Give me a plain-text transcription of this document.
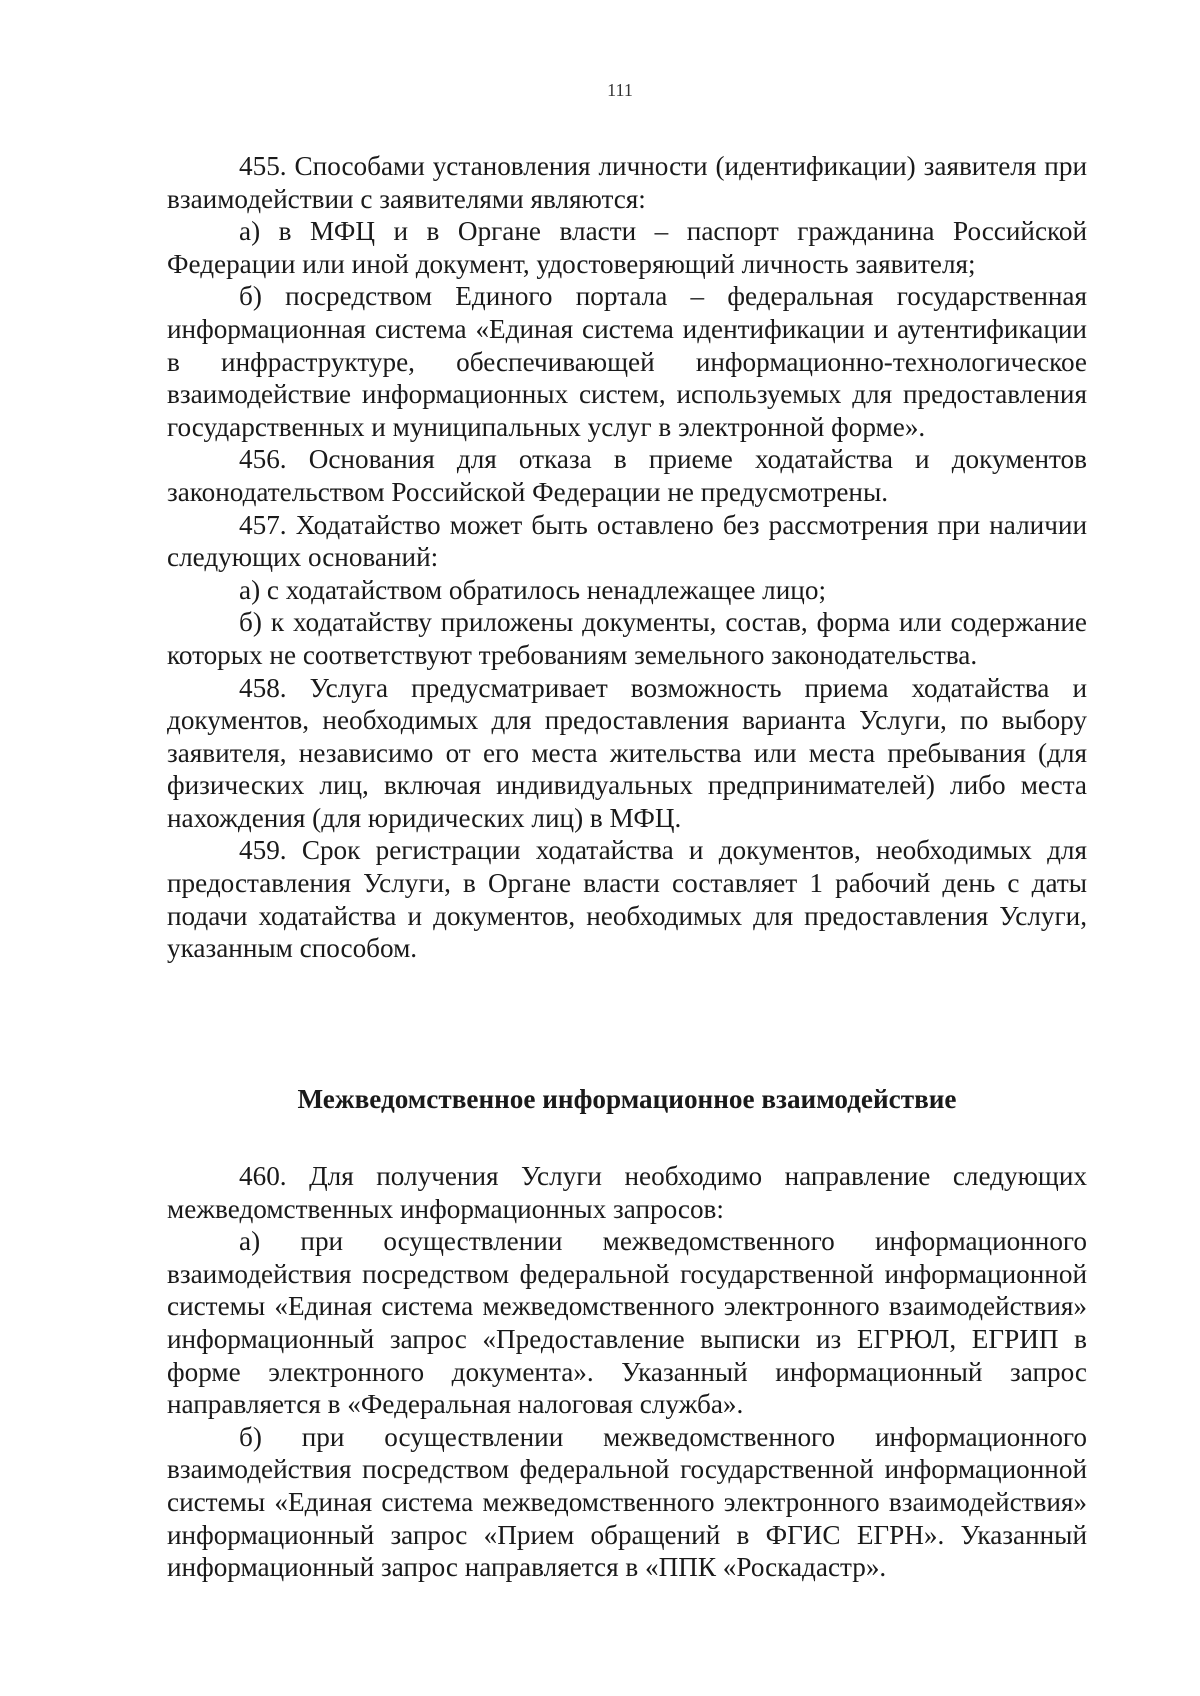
111

455. Способами установления личности (идентификации) заявителя при взаимодействии с заявителями являются:

а) в МФЦ и в Органе власти – паспорт гражданина Российской Федерации или иной документ, удостоверяющий личность заявителя;

б) посредством Единого портала – федеральная государственная информационная система «Единая система идентификации и аутентификации в инфраструктуре, обеспечивающей информационно-технологическое взаимодействие информационных систем, используемых для предоставления государственных и муниципальных услуг в электронной форме».

456. Основания для отказа в приеме ходатайства и документов законодательством Российской Федерации не предусмотрены.

457. Ходатайство может быть оставлено без рассмотрения при наличии следующих оснований:

а) с ходатайством обратилось ненадлежащее лицо;

б) к ходатайству приложены документы, состав, форма или содержание которых не соответствуют требованиям земельного законодательства.

458. Услуга предусматривает возможность приема ходатайства и документов, необходимых для предоставления варианта Услуги, по выбору заявителя, независимо от его места жительства или места пребывания (для физических лиц, включая индивидуальных предпринимателей) либо места нахождения (для юридических лиц) в МФЦ.

459. Срок регистрации ходатайства и документов, необходимых для предоставления Услуги, в Органе власти составляет 1 рабочий день с даты подачи ходатайства и документов, необходимых для предоставления Услуги, указанным способом.

Межведомственное информационное взаимодействие

460. Для получения Услуги необходимо направление следующих межведомственных информационных запросов:

а) при осуществлении межведомственного информационного взаимодействия посредством федеральной государственной информационной системы «Единая система межведомственного электронного взаимодействия» информационный запрос «Предоставление выписки из ЕГРЮЛ, ЕГРИП в форме электронного документа». Указанный информационный запрос направляется в «Федеральная налоговая служба».

б) при осуществлении межведомственного информационного взаимодействия посредством федеральной государственной информационной системы «Единая система межведомственного электронного взаимодействия» информационный запрос «Прием обращений в ФГИС ЕГРН». Указанный информационный запрос направляется в «ППК «Роскадастр».
